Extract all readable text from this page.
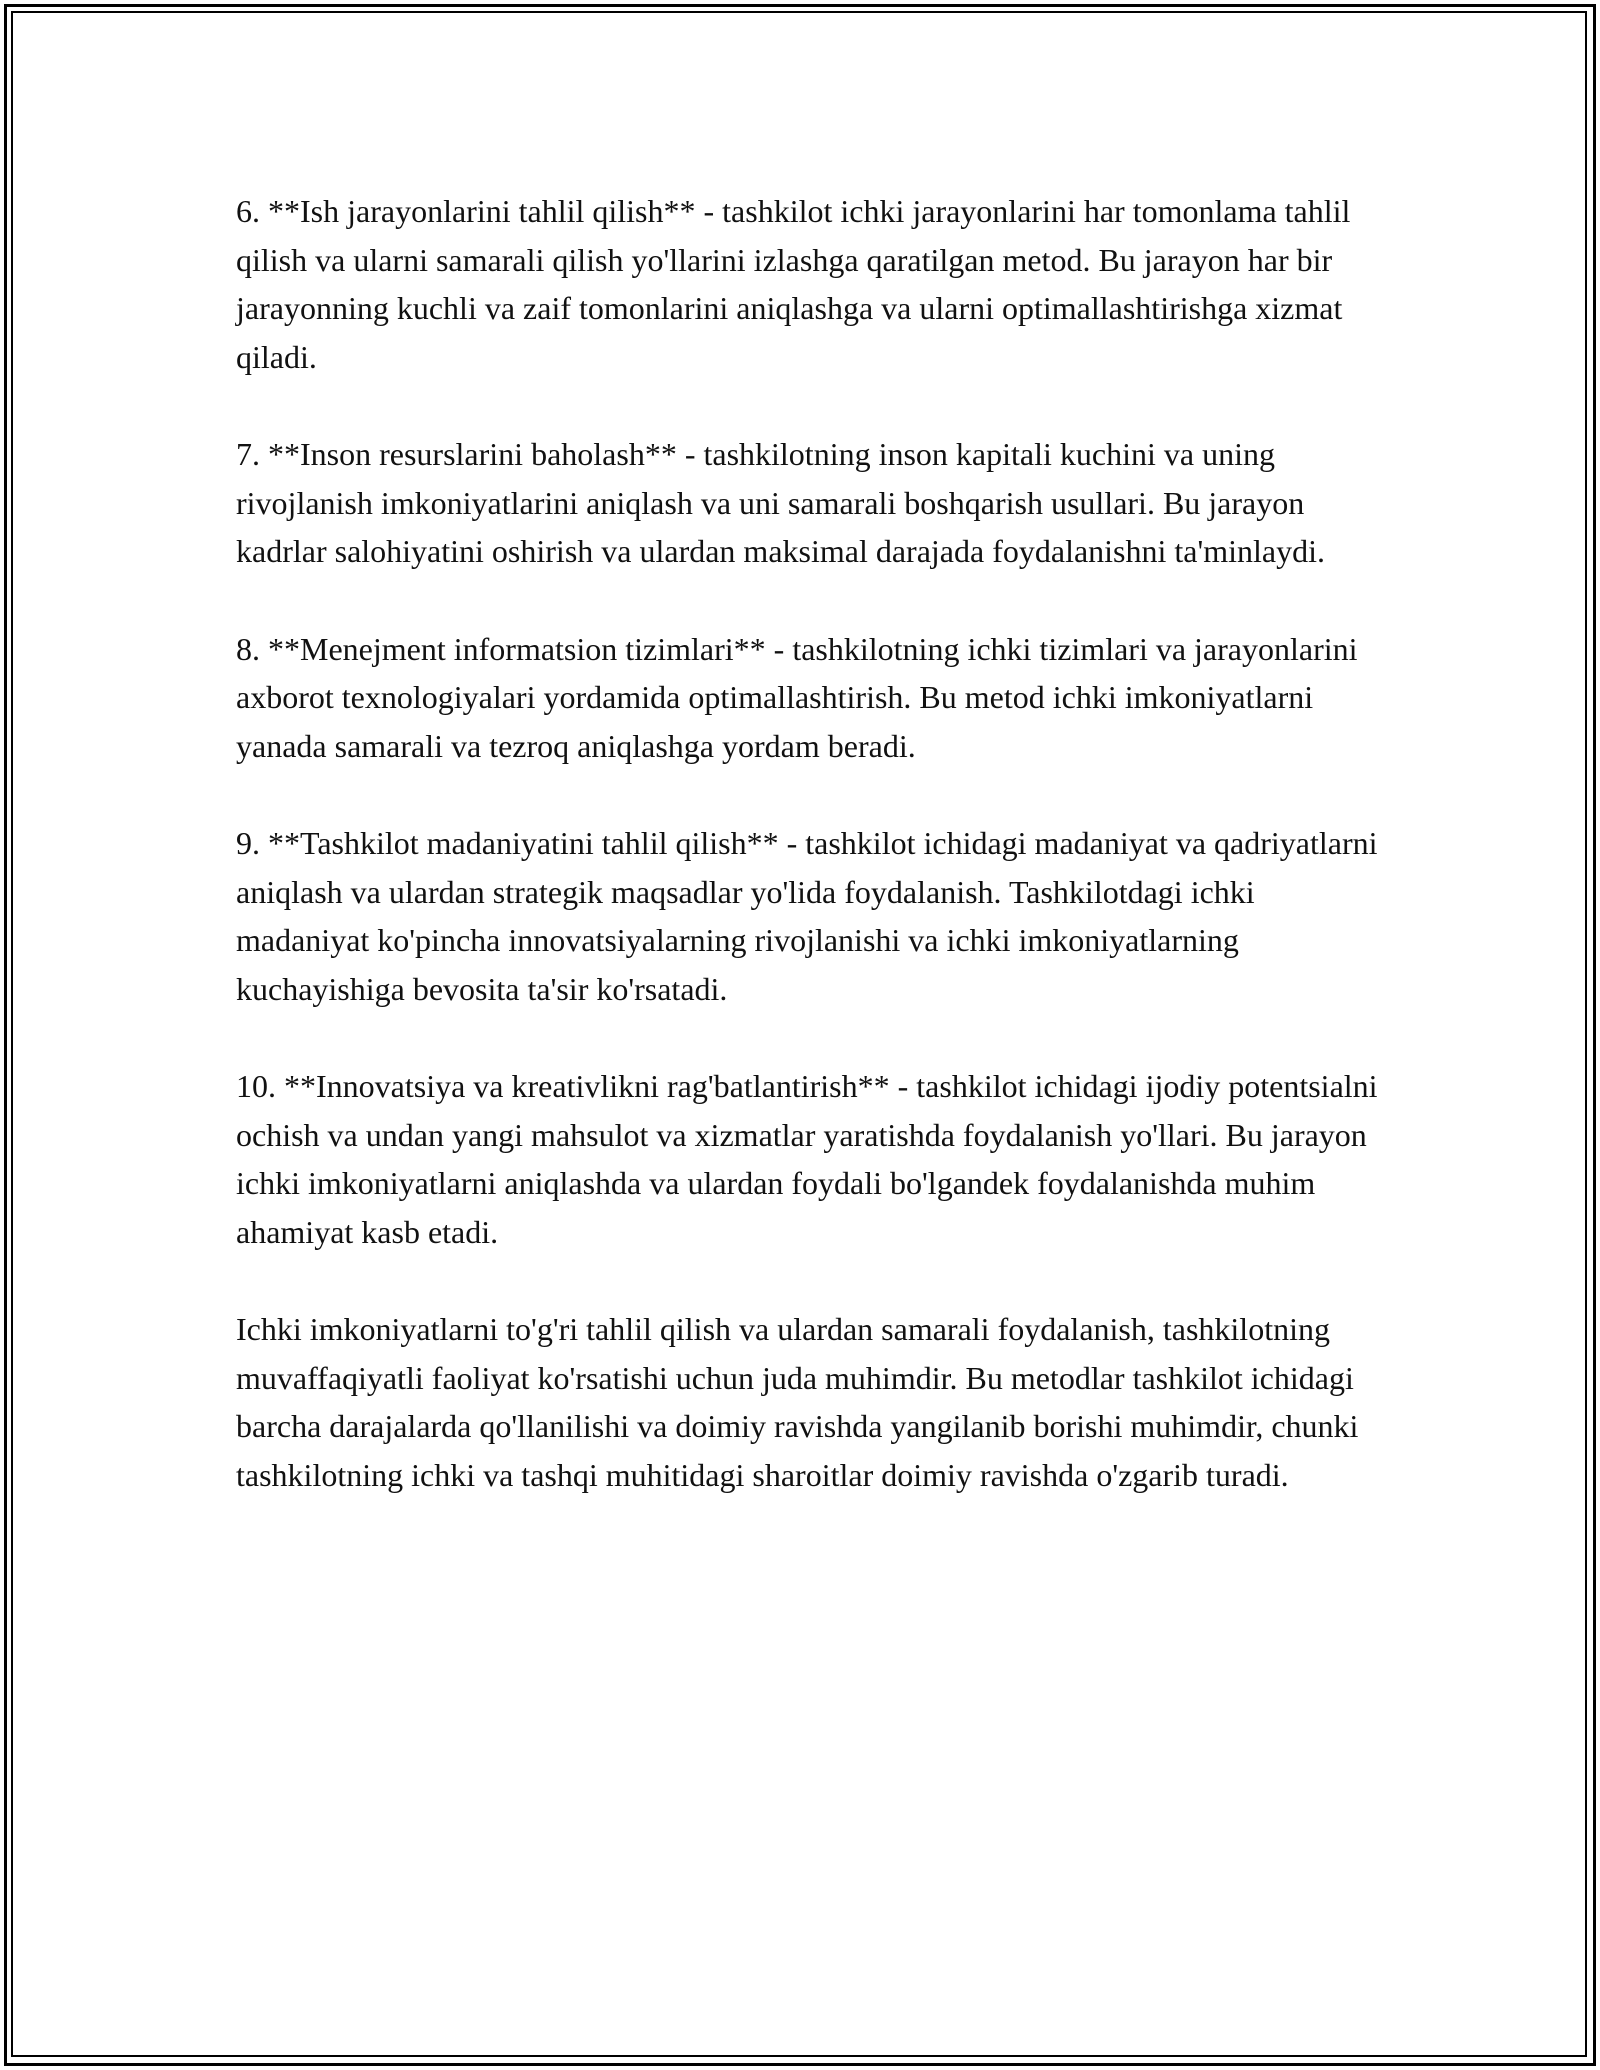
6. **Ish jarayonlarini tahlil qilish** - tashkilot ichki jarayonlarini har tomonlama tahlil qilish va ularni samarali qilish yo'llarini izlashga qaratilgan metod. Bu jarayon har bir jarayonning kuchli va zaif tomonlarini aniqlashga va ularni optimallashtirishga xizmat qiladi.

7. **Inson resurslarini baholash** - tashkilotning inson kapitali kuchini va uning rivojlanish imkoniyatlarini aniqlash va uni samarali boshqarish usullari. Bu jarayon kadrlar salohiyatini oshirish va ulardan maksimal darajada foydalanishni ta'minlaydi.

8. **Menejment informatsion tizimlari** - tashkilotning ichki tizimlari va jarayonlarini axborot texnologiyalari yordamida optimallashtirish. Bu metod ichki imkoniyatlarni yanada samarali va tezroq aniqlashga yordam beradi.

9. **Tashkilot madaniyatini tahlil qilish** - tashkilot ichidagi madaniyat va qadriyatlarni aniqlash va ulardan strategik maqsadlar yo'lida foydalanish. Tashkilotdagi ichki madaniyat ko'pincha innovatsiyalarning rivojlanishi va ichki imkoniyatlarning kuchayishiga bevosita ta'sir ko'rsatadi.

10. **Innovatsiya va kreativlikni rag'batlantirish** - tashkilot ichidagi ijodiy potentsialni ochish va undan yangi mahsulot va xizmatlar yaratishda foydalanish yo'llari. Bu jarayon ichki imkoniyatlarni aniqlashda va ulardan foydali bo'lgandek foydalanishda muhim ahamiyat kasb etadi.

Ichki imkoniyatlarni to'g'ri tahlil qilish va ulardan samarali foydalanish, tashkilotning muvaffaqiyatli faoliyat ko'rsatishi uchun juda muhimdir. Bu metodlar tashkilot ichidagi barcha darajalarda qo'llanilishi va doimiy ravishda yangilanib borishi muhimdir, chunki tashkilotning ichki va tashqi muhitidagi sharoitlar doimiy ravishda o'zgarib turadi.
